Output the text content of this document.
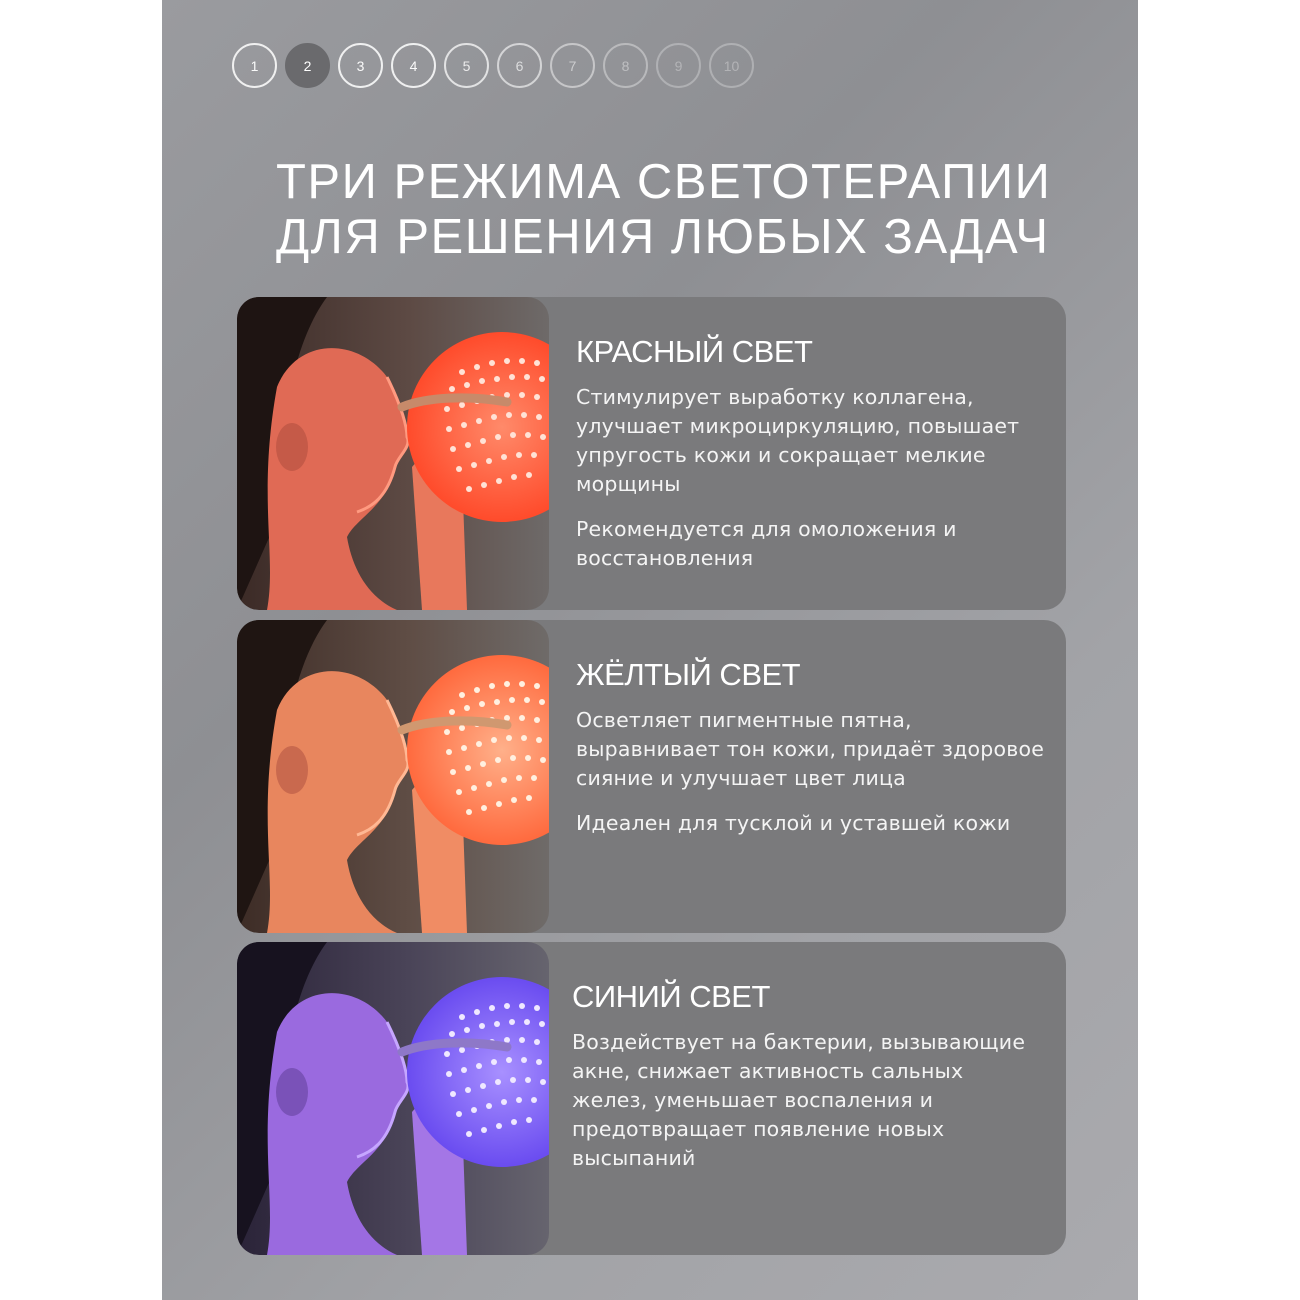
1	2	3	4	5	6	7	8	9	10
ТРИ РЕЖИМА СВЕТОТЕРАПИИ
ДЛЯ РЕШЕНИЯ ЛЮБЫХ ЗАДАЧ
КРАСНЫЙ СВЕТ
Стимулирует выработку коллагена, улучшает микроциркуляцию, повышает упругость кожи и сокращает мелкие морщины
Рекомендуется для омоложения и восстановления
ЖЁЛТЫЙ СВЕТ
Осветляет пигментные пятна, выравнивает тон кожи, придаёт здоровое сияние и улучшает цвет лица
Идеален для тусклой и уставшей кожи
СИНИЙ СВЕТ
Воздействует на бактерии, вызывающие акне, снижает активность сальных желез, уменьшает воспаления и предотвращает появление новых высыпаний
